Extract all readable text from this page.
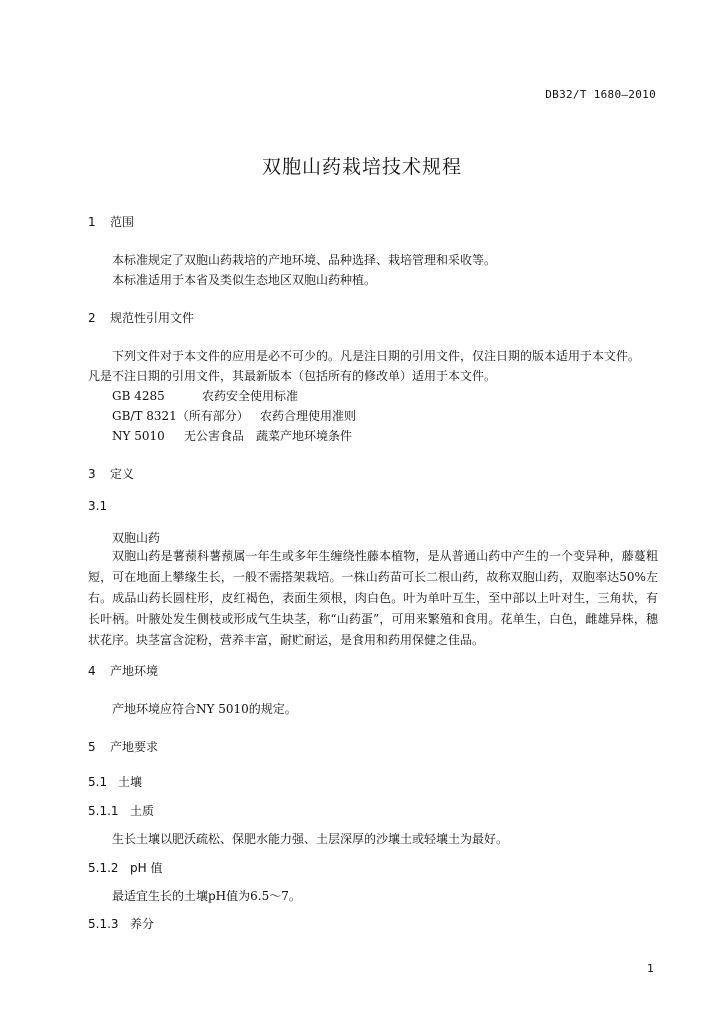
DB32/T 1680—2010
双胞山药栽培技术规程
1 范围
本标准规定了双胞山药栽培的产地环境、品种选择、栽培管理和采收等。
本标准适用于本省及类似生态地区双胞山药种植。
2 规范性引用文件
下列文件对于本文件的应用是必不可少的。凡是注日期的引用文件，仅注日期的版本适用于本文件。
凡是不注日期的引用文件，其最新版本（包括所有的修改单）适用于本文件。
GB 4285	农药安全使用标准
GB/T 8321（所有部分） 农药合理使用准则
NY 5010 无公害食品　蔬菜产地环境条件
3 定义
3.1
双胞山药
双胞山药是薯蓣科薯蓣属一年生或多年生缠绕性藤本植物，是从普通山药中产生的一个变异种，藤蔓粗短，可在地面上攀缘生长，一般不需搭架栽培。一株山药苗可长二根山药，故称双胞山药，双胞率达50%左右。成品山药长圆柱形，皮红褐色，表面生须根，肉白色。叶为单叶互生，至中部以上叶对生，三角状，有长叶柄。叶腋处发生侧枝或形成气生块茎，称“山药蛋”，可用来繁殖和食用。花单生，白色，雌雄异株，穗状花序。块茎富含淀粉，营养丰富，耐贮耐运，是食用和药用保健之佳品。
4 产地环境
产地环境应符合NY 5010的规定。
5 产地要求
5.1 土壤
5.1.1 土质
生长土壤以肥沃疏松、保肥水能力强、土层深厚的沙壤土或轻壤土为最好。
5.1.2 pH 值
最适宜生长的土壤pH值为6.5～7。
5.1.3 养分
1
